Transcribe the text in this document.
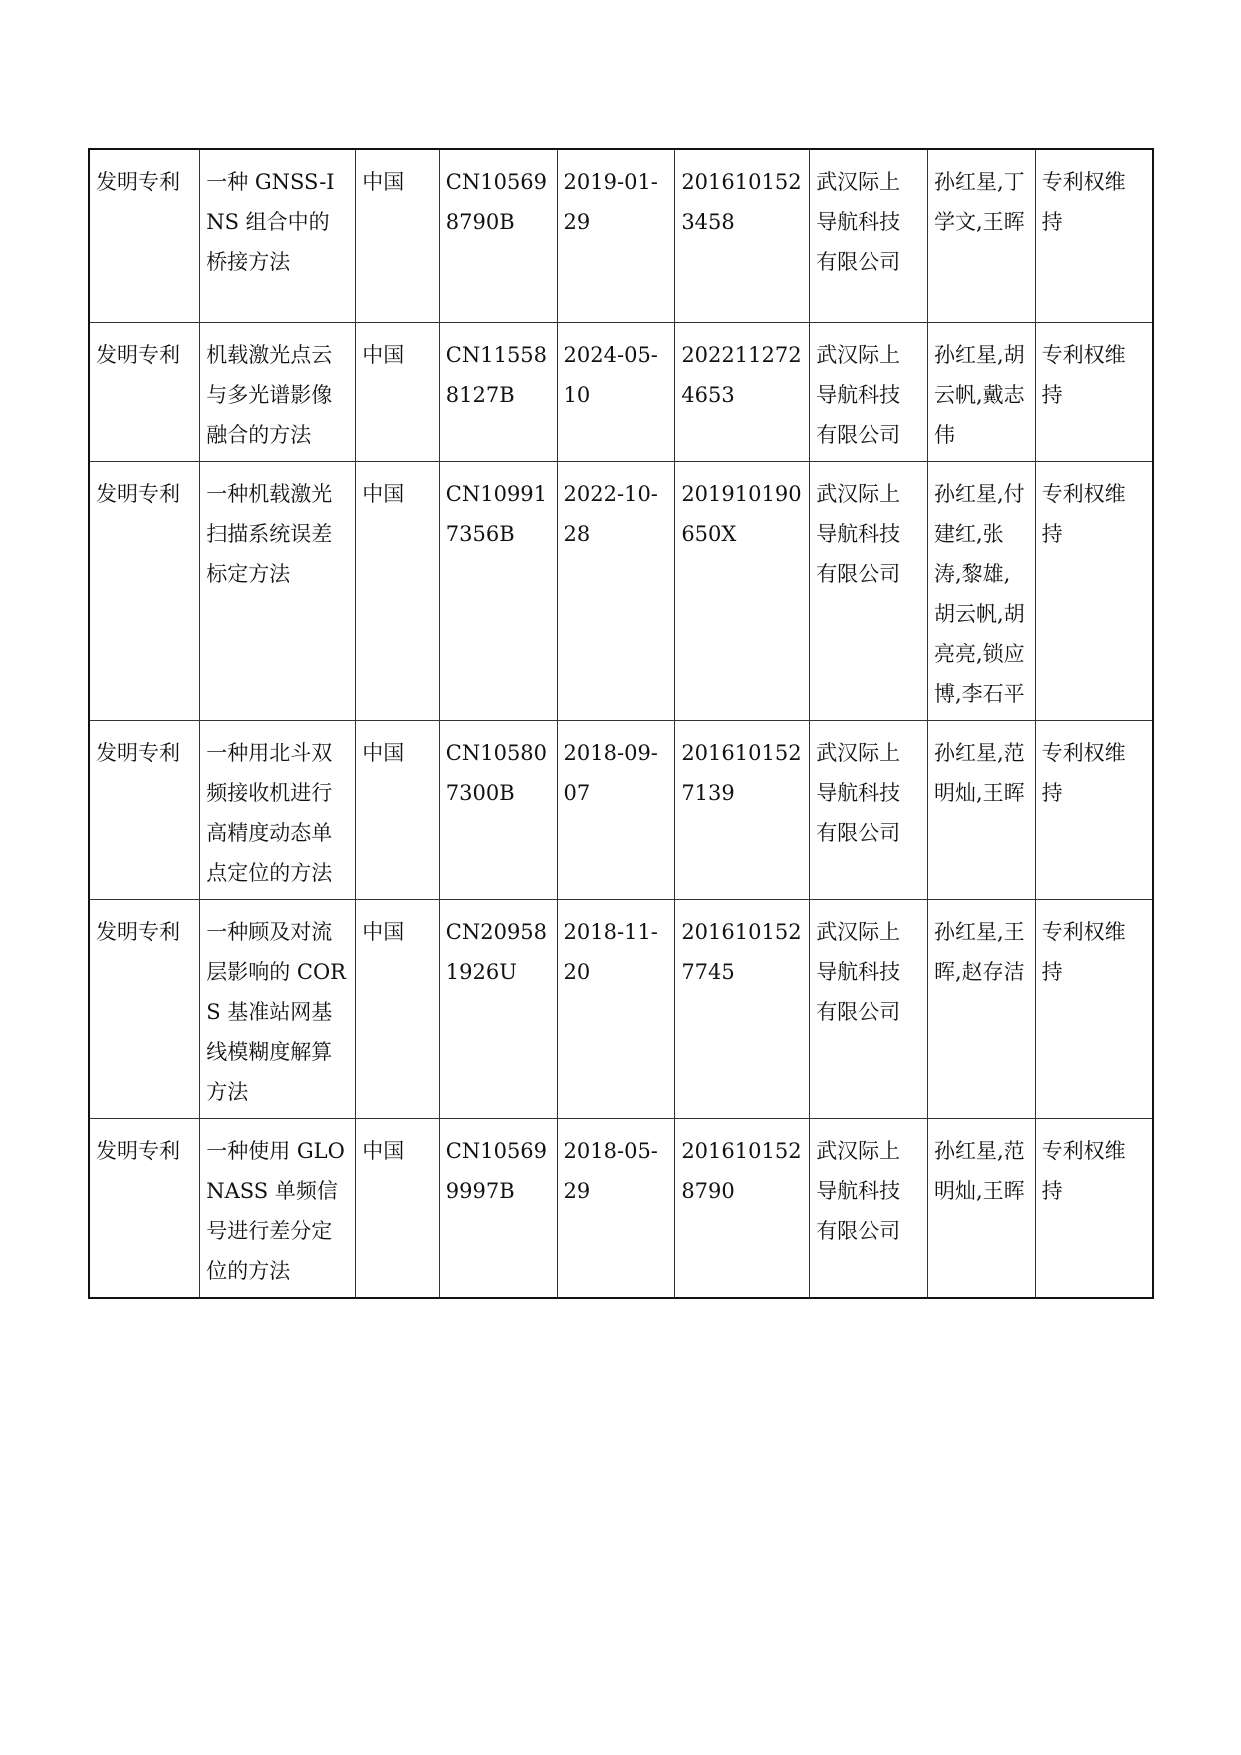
发明专利	一种 GNSS-INS 组合中的桥接方法	中国	CN105698790B	2019-01-29	2016101523458	武汉际上导航科技有限公司	孙红星,丁学文,王晖	专利权维持

发明专利	机载激光点云与多光谱影像融合的方法	中国	CN115588127B	2024-05-10	2022112724653	武汉际上导航科技有限公司	孙红星,胡云帆,戴志伟	专利权维持

发明专利	一种机载激光扫描系统误差标定方法	中国	CN109917356B	2022-10-28	201910190650X	武汉际上导航科技有限公司	孙红星,付建红,张涛,黎雄,胡云帆,胡亮亮,锁应博,李石平	专利权维持

发明专利	一种用北斗双频接收机进行高精度动态单点定位的方法	中国	CN105807300B	2018-09-07	2016101527139	武汉际上导航科技有限公司	孙红星,范明灿,王晖	专利权维持

发明专利	一种顾及对流层影响的 CORS 基准站网基线模糊度解算方法	中国	CN209581926U	2018-11-20	2016101527745	武汉际上导航科技有限公司	孙红星,王晖,赵存洁	专利权维持

发明专利	一种使用 GLONASS 单频信号进行差分定位的方法	中国	CN105699997B	2018-05-29	2016101528790	武汉际上导航科技有限公司	孙红星,范明灿,王晖	专利权维持
